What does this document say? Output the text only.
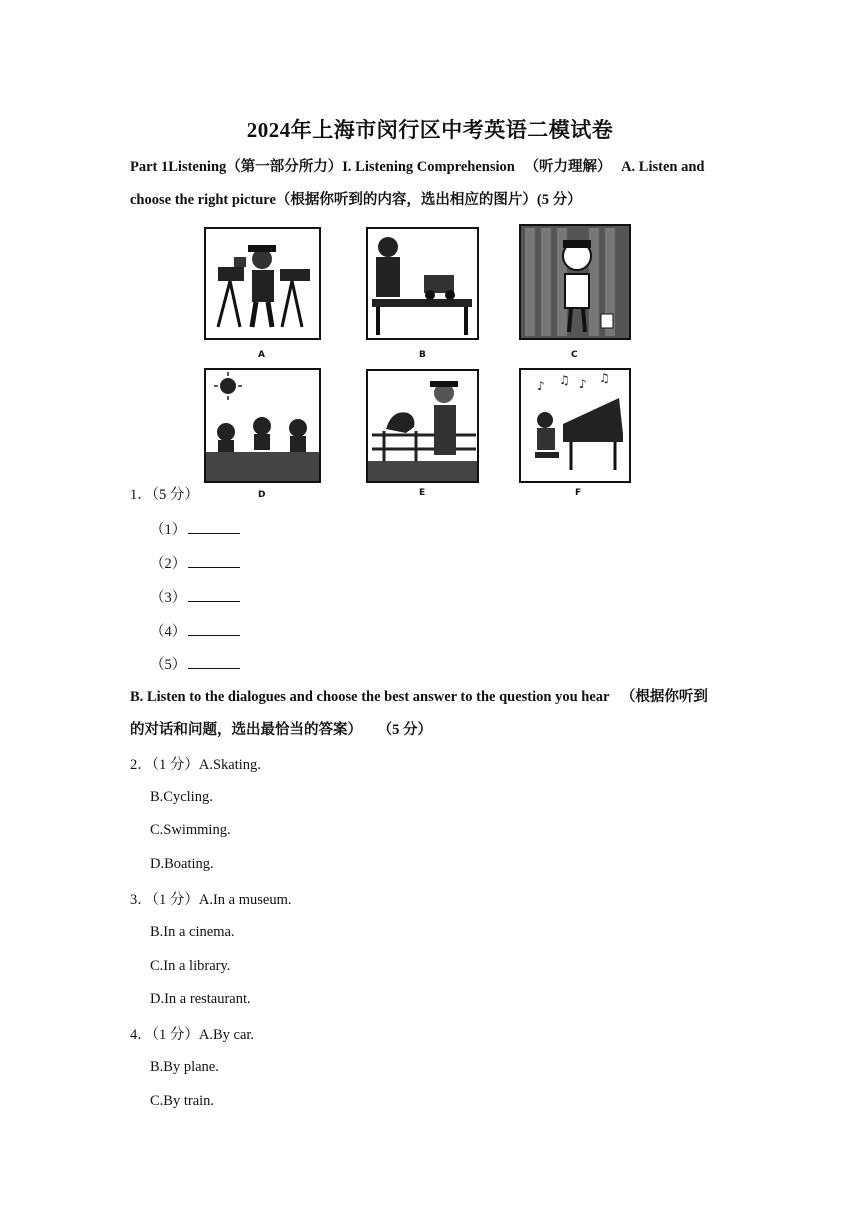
2024年上海市闵行区中考英语二模试卷
Part 1Listening（第一部分所力）I. Listening Comprehension （听力理解） A. Listen and
choose the right picture（根据你听到的内容，选出相应的图片）(5 分）
A	B	C
D	E
♪ ♫ ♪ ♫
F
1．（5 分）
（1）
（2）
（3）
（4）
（5）
B. Listen to the dialogues and choose the best answer to the question you hear （根据你听到
的对话和问题，选出最恰当的答案） （5 分）
2．（1 分）A.Skating.
B.Cycling.
C.Swimming.
D.Boating.
3．（1 分）A.In a museum.
B.In a cinema.
C.In a library.
D.In a restaurant.
4．（1 分）A.By car.
B.By plane.
C.By train.
